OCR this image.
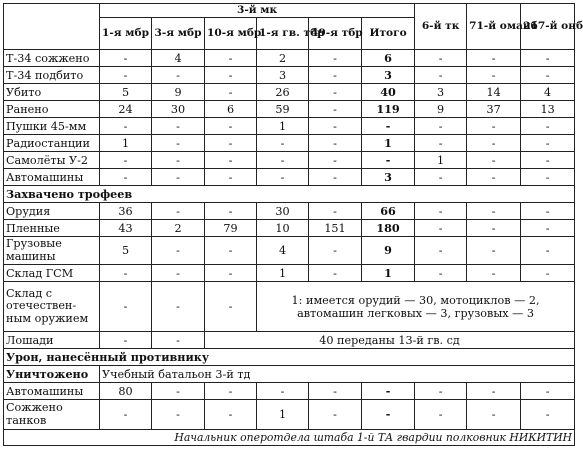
	3-й мк						6-й тк	71-й оманб	217-й онб
	1-я мбр	3-я мбр	10-я мбр	1-я гв. тбр	49-я тбр	Итого			
Т-34 сожжено	-	4	-	2	-	6	-	-	-
Т-34 подбито	-	-	-	3	-	3	-	-	-
Убито	5	9	-	26	-	40	3	14	4
Ранено	24	30	6	59	-	119	9	37	13
Пушки 45-мм	-	-	-	1	-	-	-	-	-
Радиостанции	1	-	-	-	-	1	-	-	-
Самолёты У-2	-	-	-	-	-	-	1	-	-
Автомашины	-	-	-	-	-	3	-	-	-
Захвачено трофеев									
Орудия	36	-	-	30	-	66	-	-	-
Пленные	43	2	79	10	151	180	-	-	-
Грузовые машины	5	-	-	4	-	9	-	-	-
Склад ГСМ	-	-	-	1	-	1	-	-	-
Склад с отечествен-ным оружием	-	-	-	1: имеется орудий — 30, мотоциклов — 2, автомашин легковых — 3, грузовых — 3					
Лошади	-	-	40 переданы 13-й гв. сд						
Урон, нанесённый противнику									
Уничтожено	Учебный батальон 3-й тд								
Автомашины	80	-	-	-	-	-	-	-	-
Сожжено танков	-	-	-	1	-	-	-	-	-
Начальник оперотдела штаба 1-й ТА гвардии полковник НИКИТИН									
